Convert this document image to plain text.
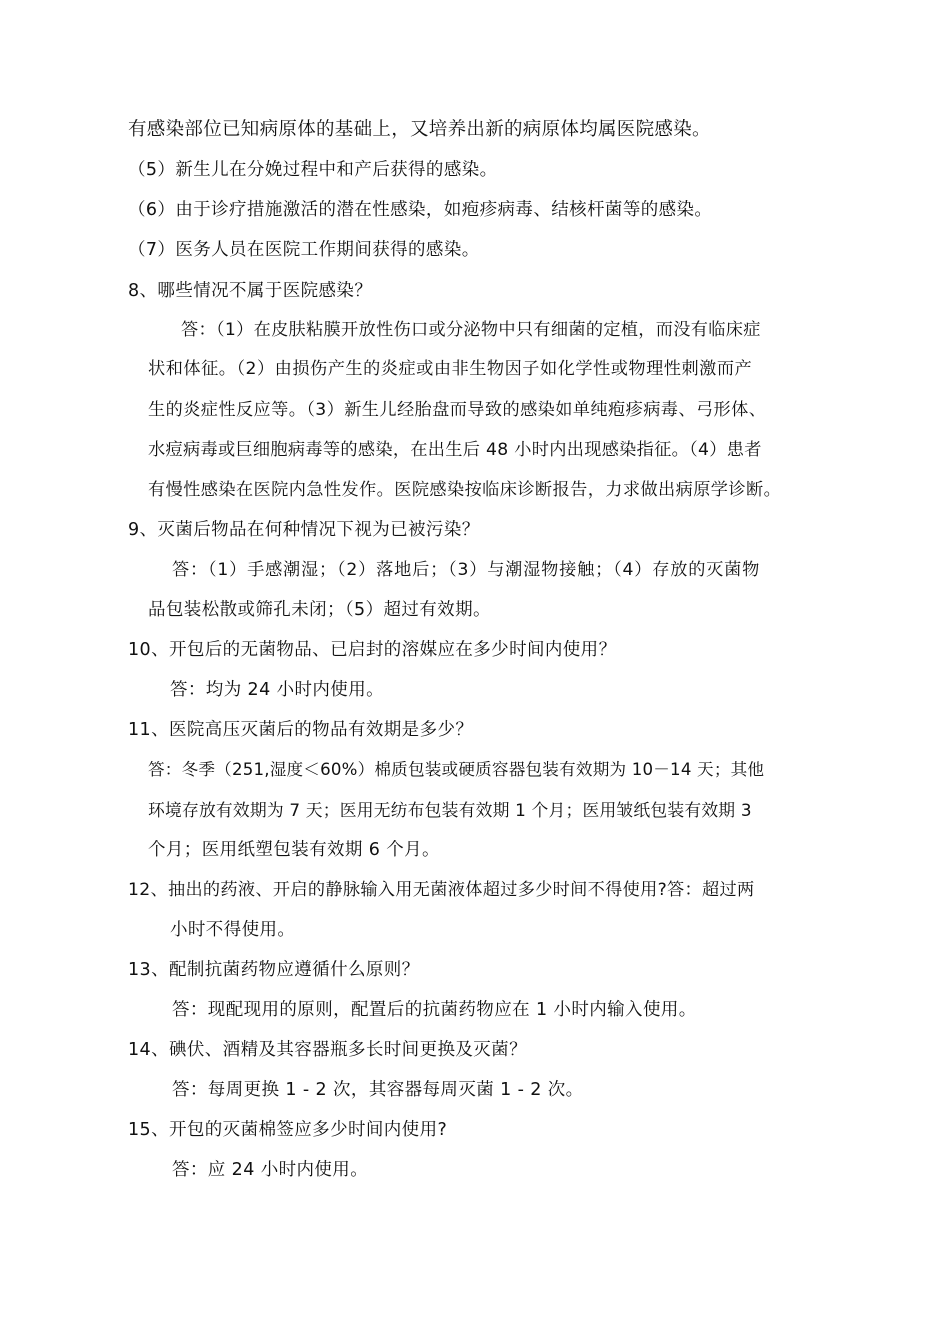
有感染部位已知病原体的基础上，又培养出新的病原体均属医院感染。
（5）新生儿在分娩过程中和产后获得的感染。
（6）由于诊疗措施激活的潜在性感染，如疱疹病毒、结核杆菌等的感染。
（7）医务人员在医院工作期间获得的感染。
8、哪些情况不属于医院感染？
答：（1）在皮肤粘膜开放性伤口或分泌物中只有细菌的定植，而没有临床症
状和体征。（2）由损伤产生的炎症或由非生物因子如化学性或物理性刺激而产
生的炎症性反应等。（3）新生儿经胎盘而导致的感染如单纯疱疹病毒、弓形体、
水痘病毒或巨细胞病毒等的感染，在出生后 48 小时内出现感染指征。（4）患者
有慢性感染在医院内急性发作。医院感染按临床诊断报告，力求做出病原学诊断。
9、灭菌后物品在何种情况下视为已被污染？
答：（1）手感潮湿；（2）落地后；（3）与潮湿物接触；（4）存放的灭菌物
品包装松散或筛孔未闭；（5）超过有效期。
10、开包后的无菌物品、已启封的溶媒应在多少时间内使用？
答：均为 24 小时内使用。
11、医院高压灭菌后的物品有效期是多少？
答：冬季（251,湿度＜60%）棉质包装或硬质容器包装有效期为 10－14 天；其他
环境存放有效期为 7 天；医用无纺布包装有效期 1 个月；医用皱纸包装有效期 3
个月；医用纸塑包装有效期 6 个月。
12、抽出的药液、开启的静脉输入用无菌液体超过多少时间不得使用?答：超过两
小时不得使用。
13、配制抗菌药物应遵循什么原则？
答：现配现用的原则，配置后的抗菌药物应在 1 小时内输入使用。
14、碘伏、酒精及其容器瓶多长时间更换及灭菌？
答：每周更换 1 - 2 次，其容器每周灭菌 1 - 2 次。
15、开包的灭菌棉签应多少时间内使用?
答：应 24 小时内使用。
